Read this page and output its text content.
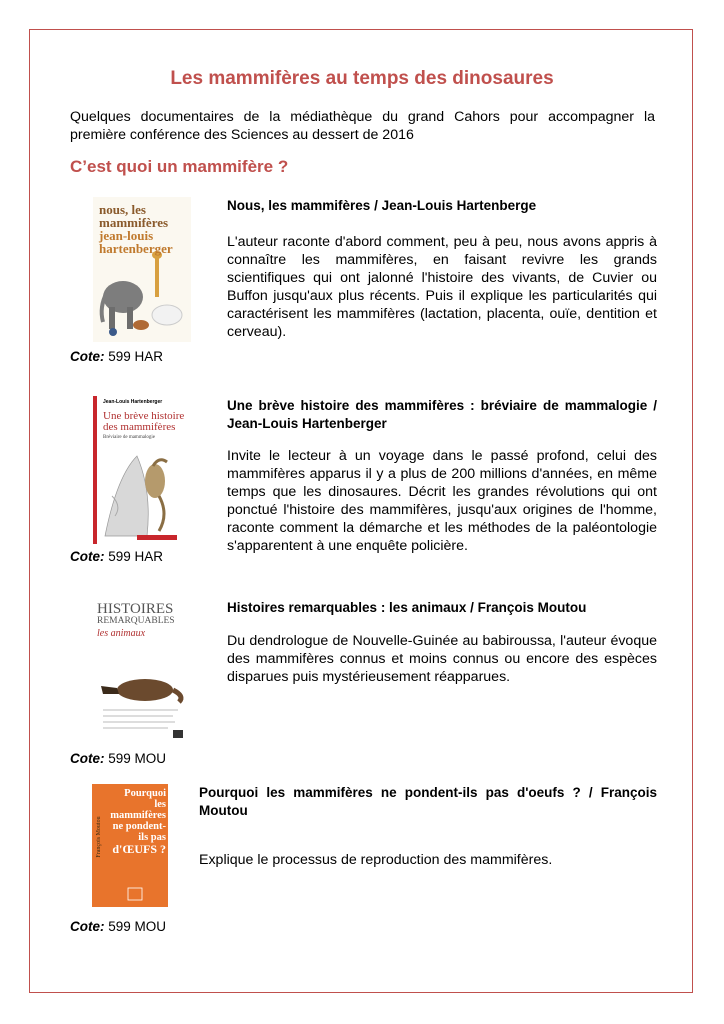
Les mammifères au temps des dinosaures

Quelques documentaires de la médiathèque du grand Cahors pour accompagner la première conférence des Sciences au dessert de 2016

C’est quoi un mammifère ?
nous, les
mammifères
jean-louis
hartenberger

Nous, les mammifères / Jean-Louis Hartenberge

L'auteur raconte d'abord comment, peu à peu, nous avons appris à connaître les mammifères, en faisant revivre les grands scientifiques qui ont jalonné l'histoire des vivants, de Cuvier ou Buffon jusqu'aux plus récents. Puis il explique les particularités qui caractérisent les mammifères (lactation, placenta, ouïe, dentition et cerveau).

Cote: 599 HAR
Jean-Louis Hartenberger
Une brève histoire
des mammifères
Bréviaire de mammalogie

Une brève histoire des mammifères : bréviaire de mammalogie / Jean-Louis Hartenberger

Invite le lecteur à un voyage dans le passé profond, celui des mammifères apparus il y a plus de 200 millions d'années, en même temps que les dinosaures. Décrit les grandes révolutions qui ont ponctué l'histoire des mammifères, jusqu'aux origines de l'homme, raconte comment la démarche et les méthodes de la paléontologie s'apparentent à une enquête policière.

Cote: 599 HAR
HISTOIRES
REMARQUABLES
les animaux

Histoires remarquables : les animaux / François Moutou

Du dendrologue de Nouvelle-Guinée au babiroussa, l'auteur évoque des mammifères connus et moins connus ou encore des espèces disparues puis mystérieusement réapparues.

Cote: 599 MOU
François Moutou
Pourquoi
les
mammifères
ne pondent-
ils pas
d'ŒUFS ?

Pourquoi les mammifères ne pondent-ils pas d'oeufs ? / François Moutou

Explique le processus de reproduction des mammifères.

Cote: 599 MOU
